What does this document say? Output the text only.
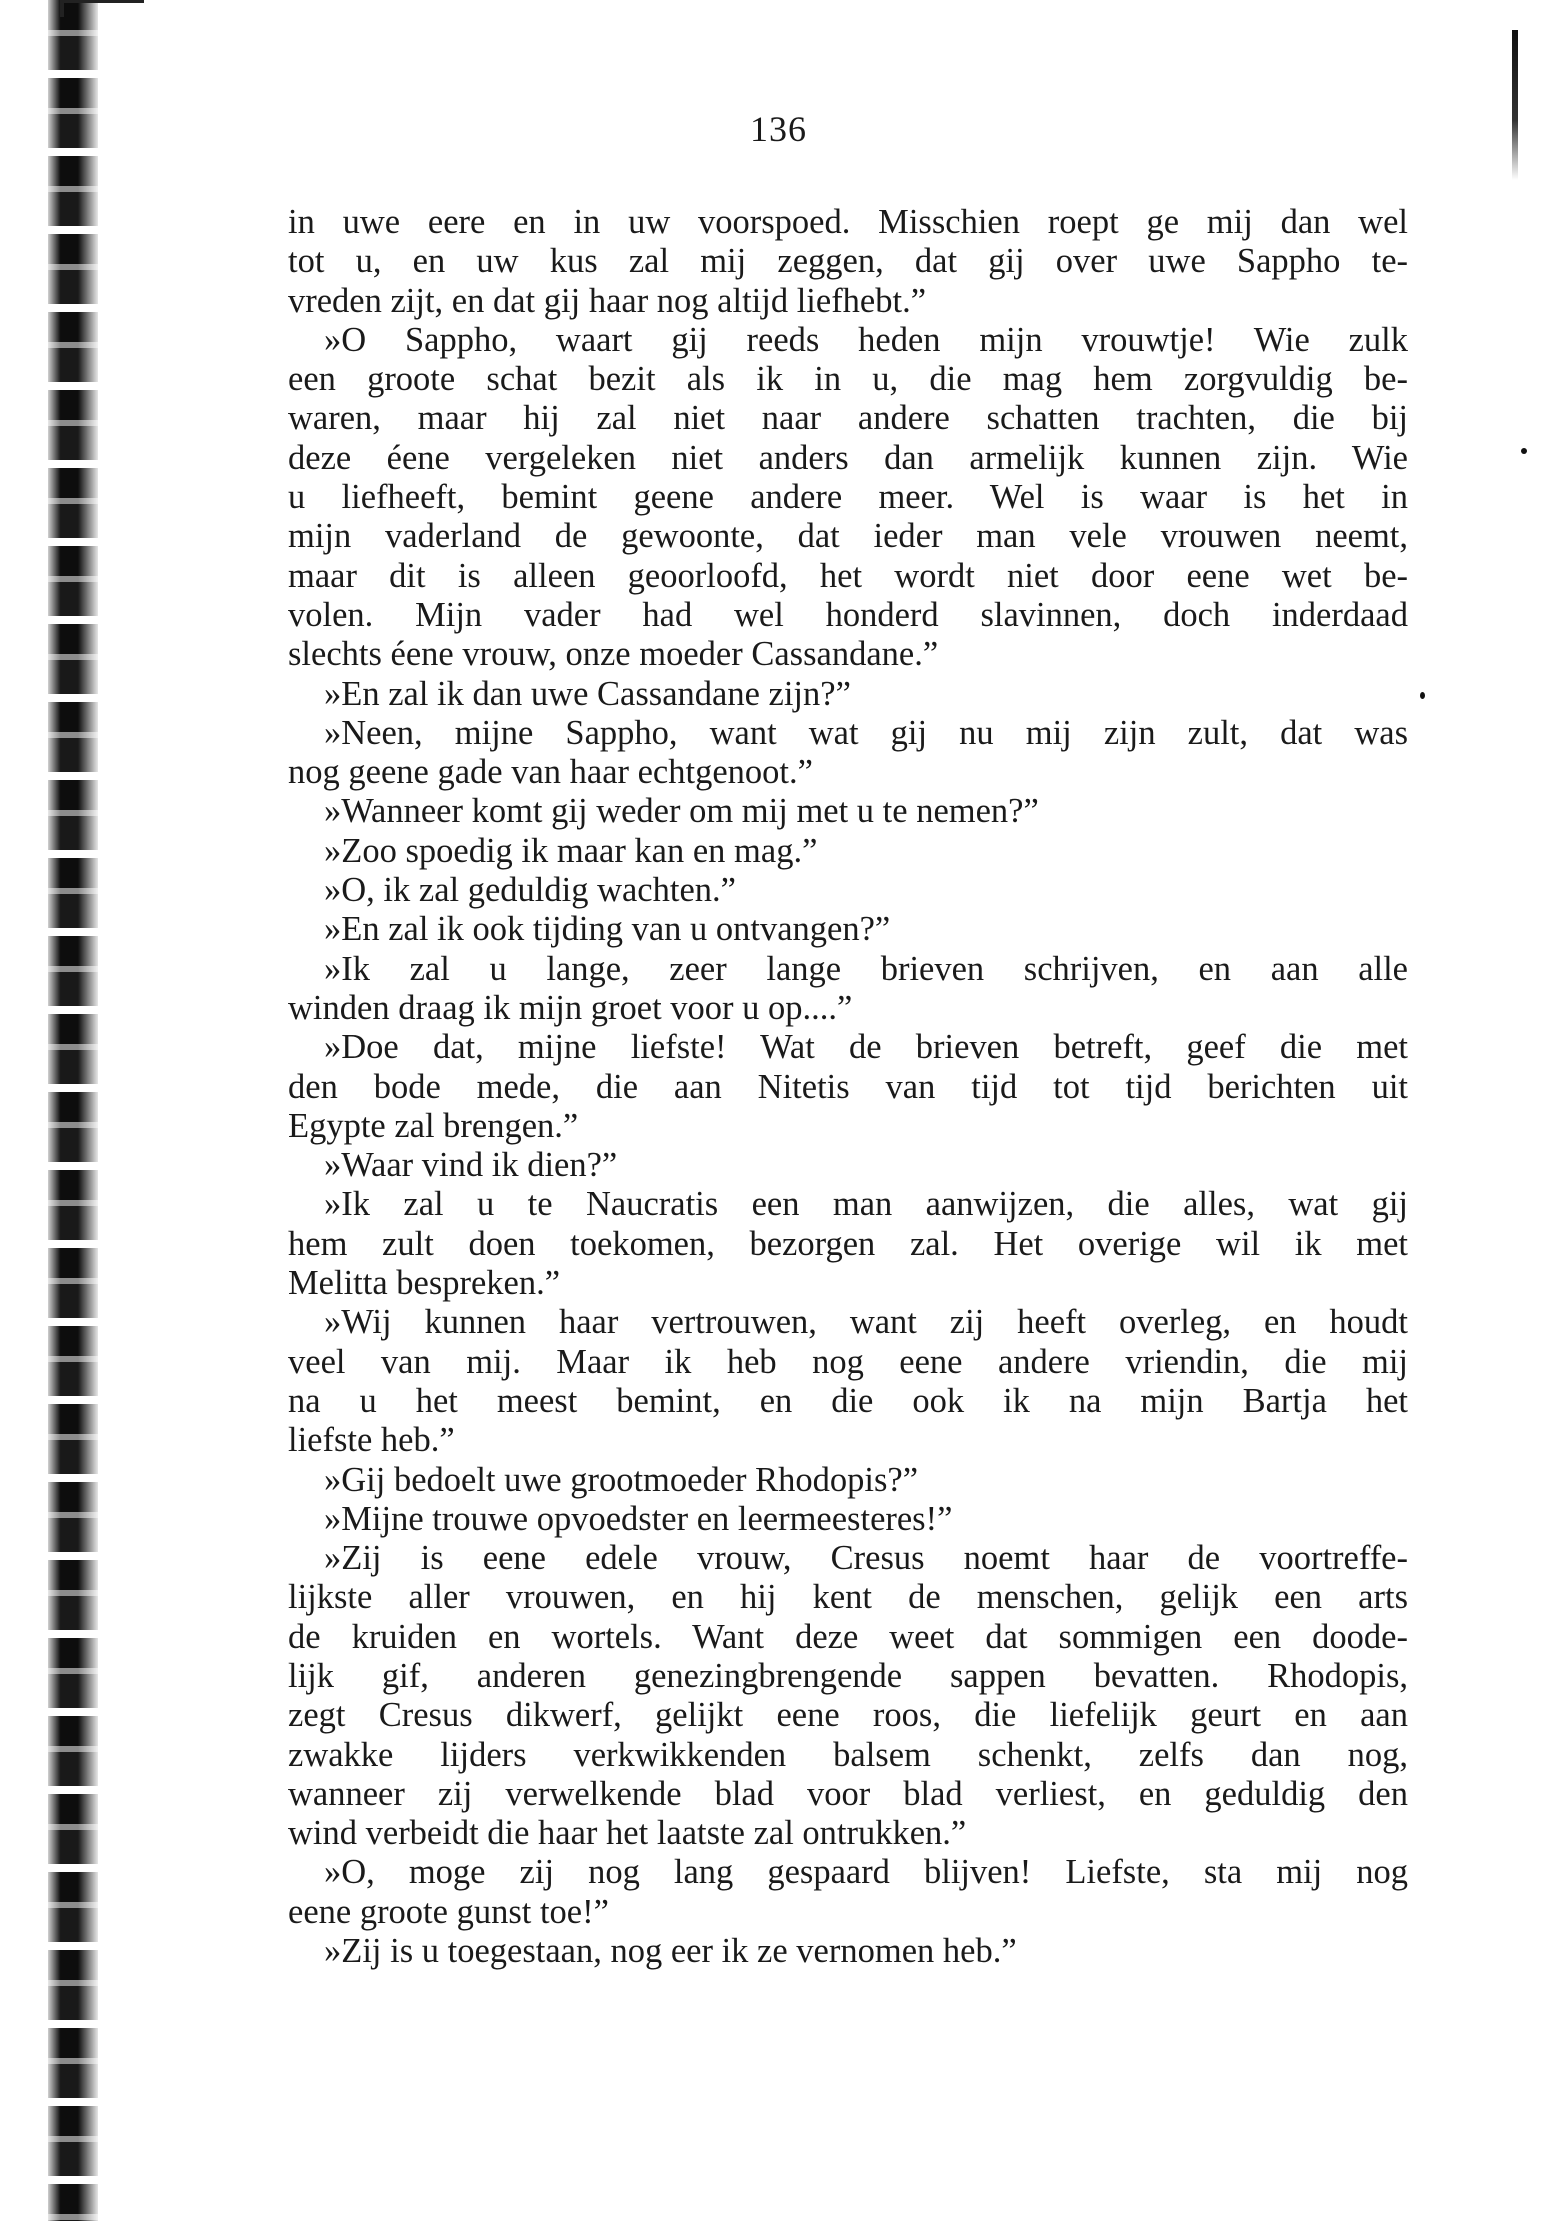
136
in uwe eere en in uw voorspoed. Misschien roept ge mij dan wel
tot u, en uw kus zal mij zeggen, dat gij over uwe Sappho te-
vreden zijt, en dat gij haar nog altijd liefhebt.”
»O Sappho, waart gij reeds heden mijn vrouwtje! Wie zulk
een groote schat bezit als ik in u, die mag hem zorgvuldig be-
waren, maar hij zal niet naar andere schatten trachten, die bij
deze éene vergeleken niet anders dan armelijk kunnen zijn. Wie
u liefheeft, bemint geene andere meer. Wel is waar is het in
mijn vaderland de gewoonte, dat ieder man vele vrouwen neemt,
maar dit is alleen geoorloofd, het wordt niet door eene wet be-
volen. Mijn vader had wel honderd slavinnen, doch inderdaad
slechts éene vrouw, onze moeder Cassandane.”
»En zal ik dan uwe Cassandane zijn?”
»Neen, mijne Sappho, want wat gij nu mij zijn zult, dat was
nog geene gade van haar echtgenoot.”
»Wanneer komt gij weder om mij met u te nemen?”
»Zoo spoedig ik maar kan en mag.”
»O, ik zal geduldig wachten.”
»En zal ik ook tijding van u ontvangen?”
»Ik zal u lange, zeer lange brieven schrijven, en aan alle
winden draag ik mijn groet voor u op....”
»Doe dat, mijne liefste! Wat de brieven betreft, geef die met
den bode mede, die aan Nitetis van tijd tot tijd berichten uit
Egypte zal brengen.”
»Waar vind ik dien?”
»Ik zal u te Naucratis een man aanwijzen, die alles, wat gij
hem zult doen toekomen, bezorgen zal. Het overige wil ik met
Melitta bespreken.”
»Wij kunnen haar vertrouwen, want zij heeft overleg, en houdt
veel van mij. Maar ik heb nog eene andere vriendin, die mij
na u het meest bemint, en die ook ik na mijn Bartja het
liefste heb.”
»Gij bedoelt uwe grootmoeder Rhodopis?”
»Mijne trouwe opvoedster en leermeesteres!”
»Zij is eene edele vrouw, Cresus noemt haar de voortreffe-
lijkste aller vrouwen, en hij kent de menschen, gelijk een arts
de kruiden en wortels. Want deze weet dat sommigen een doode-
lijk gif, anderen genezingbrengende sappen bevatten. Rhodopis,
zegt Cresus dikwerf, gelijkt eene roos, die liefelijk geurt en aan
zwakke lijders verkwikkenden balsem schenkt, zelfs dan nog,
wanneer zij verwelkende blad voor blad verliest, en geduldig den
wind verbeidt die haar het laatste zal ontrukken.”
»O, moge zij nog lang gespaard blijven! Liefste, sta mij nog
eene groote gunst toe!”
»Zij is u toegestaan, nog eer ik ze vernomen heb.”
